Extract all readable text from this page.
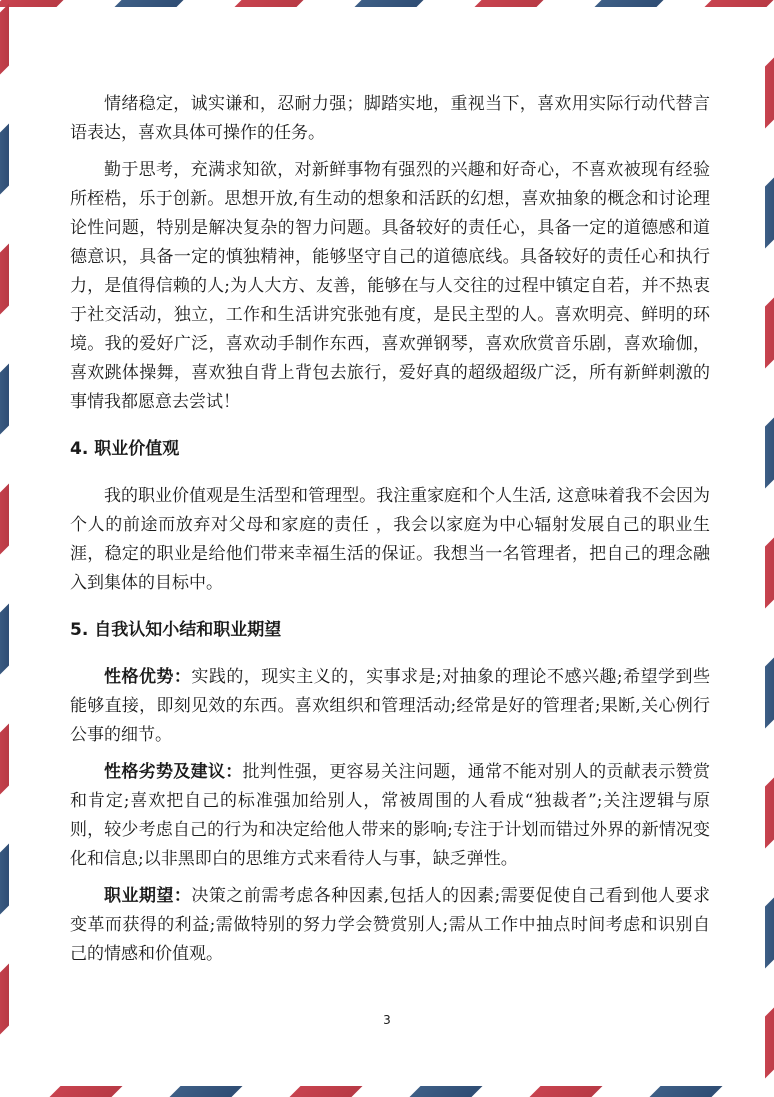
情绪稳定，诚实谦和，忍耐力强；脚踏实地，重视当下，喜欢用实际行动代替言语表达，喜欢具体可操作的任务。

勤于思考，充满求知欲，对新鲜事物有强烈的兴趣和好奇心，不喜欢被现有经验所桎梏，乐于创新。思想开放,有生动的想象和活跃的幻想，喜欢抽象的概念和讨论理论性问题，特别是解决复杂的智力问题。具备较好的责任心，具备一定的道德感和道德意识，具备一定的慎独精神，能够坚守自己的道德底线。具备较好的责任心和执行力，是值得信赖的人;为人大方、友善，能够在与人交往的过程中镇定自若，并不热衷于社交活动，独立，工作和生活讲究张弛有度，是民主型的人。喜欢明亮、鲜明的环境。我的爱好广泛，喜欢动手制作东西，喜欢弹钢琴，喜欢欣赏音乐剧，喜欢瑜伽，喜欢跳体操舞，喜欢独自背上背包去旅行，爱好真的超级超级广泛，所有新鲜刺激的事情我都愿意去尝试！

4. 职业价值观

我的职业价值观是生活型和管理型。我注重家庭和个人生活, 这意味着我不会因为个人的前途而放弃对父母和家庭的责任 ，我会以家庭为中心辐射发展自己的职业生涯，稳定的职业是给他们带来幸福生活的保证。我想当一名管理者，把自己的理念融入到集体的目标中。

5. 自我认知小结和职业期望

性格优势：实践的，现实主义的，实事求是;对抽象的理论不感兴趣;希望学到些能够直接，即刻见效的东西。喜欢组织和管理活动;经常是好的管理者;果断,关心例行公事的细节。

性格劣势及建议：批判性强，更容易关注问题，通常不能对别人的贡献表示赞赏和肯定;喜欢把自己的标准强加给别人，常被周围的人看成“独裁者”;关注逻辑与原则，较少考虑自己的行为和决定给他人带来的影响;专注于计划而错过外界的新情况变化和信息;以非黑即白的思维方式来看待人与事，缺乏弹性。

职业期望：决策之前需考虑各种因素,包括人的因素;需要促使自己看到他人要求变革而获得的利益;需做特别的努力学会赞赏别人;需从工作中抽点时间考虑和识别自己的情感和价值观。

3
